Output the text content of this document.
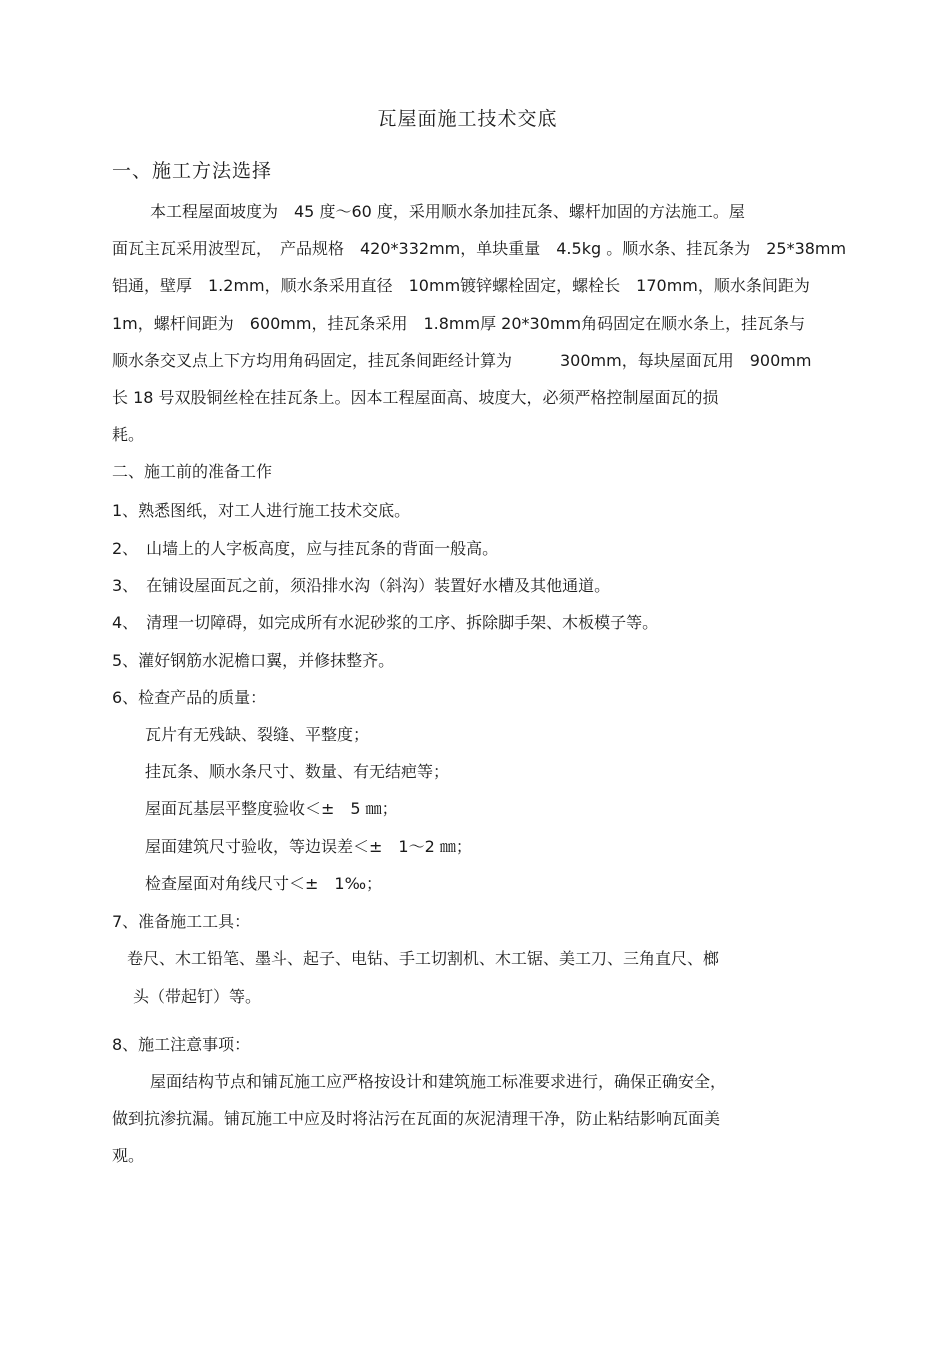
瓦屋面施工技术交底
一、施工方法选择
本工程屋面坡度为　45 度～60 度，采用顺水条加挂瓦条、螺杆加固的方法施工。屋
面瓦主瓦采用波型瓦，　产品规格　420*332mm，单块重量　4.5kg 。顺水条、挂瓦条为　25*38mm
铝通，壁厚　1.2mm，顺水条采用直径　10mm镀锌螺栓固定，螺栓长　170mm，顺水条间距为
1m，螺杆间距为　600mm，挂瓦条采用　1.8mm厚 20*30mm角码固定在顺水条上，挂瓦条与
顺水条交叉点上下方均用角码固定，挂瓦条间距经计算为　　　300mm，每块屋面瓦用　900mm
长 18 号双股铜丝栓在挂瓦条上。因本工程屋面高、坡度大，必须严格控制屋面瓦的损
耗。
二、施工前的准备工作
1、熟悉图纸，对工人进行施工技术交底。
2、　山墙上的人字板高度，应与挂瓦条的背面一般高。
3、　在铺设屋面瓦之前，须沿排水沟（斜沟）装置好水槽及其他通道。
4、　清理一切障碍，如完成所有水泥砂浆的工序、拆除脚手架、木板模子等。
5、灌好钢筋水泥檐口翼，并修抹整齐。
6、检查产品的质量：
瓦片有无残缺、裂缝、平整度；
挂瓦条、顺水条尺寸、数量、有无结疤等；
屋面瓦基层平整度验收＜±　5 ㎜；
屋面建筑尺寸验收，等边误差＜±　1～2 ㎜；
检查屋面对角线尺寸＜±　1‰；
7、准备施工工具：
卷尺、木工铅笔、墨斗、起子、电钻、手工切割机、木工锯、美工刀、三角直尺、榔
头（带起钉）等。
8、施工注意事项：
屋面结构节点和铺瓦施工应严格按设计和建筑施工标准要求进行，确保正确安全，
做到抗渗抗漏。铺瓦施工中应及时将沾污在瓦面的灰泥清理干净，防止粘结影响瓦面美
观。
